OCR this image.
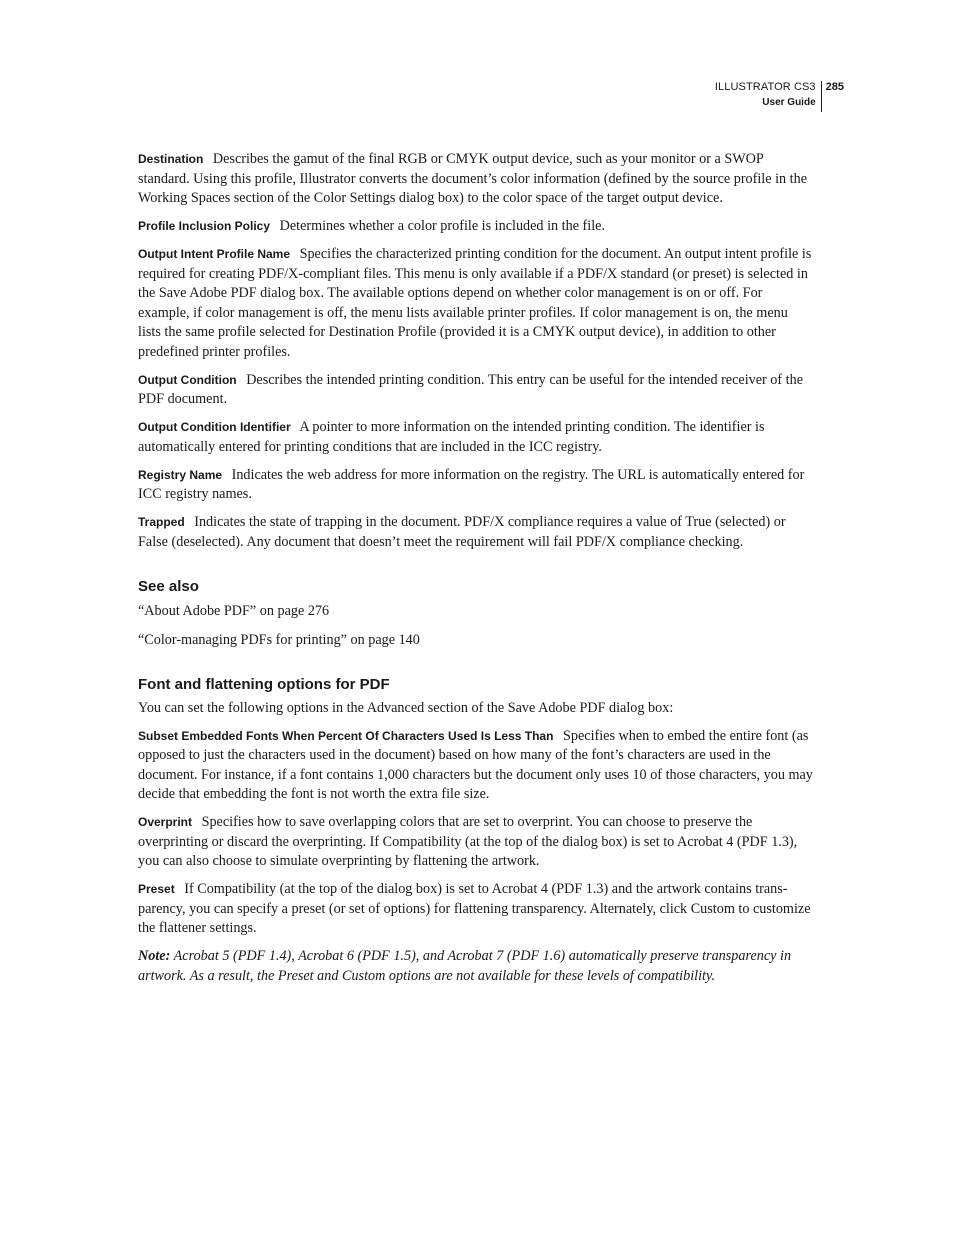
ILLUSTRATOR CS3
User Guide
285

Destination Describes the gamut of the final RGB or CMYK output device, such as your monitor or a SWOP standard. Using this profile, Illustrator converts the document’s color information (defined by the source profile in the Working Spaces section of the Color Settings dialog box) to the color space of the target output device.

Profile Inclusion Policy Determines whether a color profile is included in the file.

Output Intent Profile Name Specifies the characterized printing condition for the document. An output intent profile is required for creating PDF/X-compliant files. This menu is only available if a PDF/X standard (or preset) is selected in the Save Adobe PDF dialog box. The available options depend on whether color management is on or off. For example, if color management is off, the menu lists available printer profiles. If color management is on, the menu lists the same profile selected for Destination Profile (provided it is a CMYK output device), in addition to other predefined printer profiles.

Output Condition Describes the intended printing condition. This entry can be useful for the intended receiver of the PDF document.

Output Condition Identifier A pointer to more information on the intended printing condition. The identifier is automatically entered for printing conditions that are included in the ICC registry.

Registry Name Indicates the web address for more information on the registry. The URL is automatically entered for ICC registry names.

Trapped Indicates the state of trapping in the document. PDF/X compliance requires a value of True (selected) or False (deselected). Any document that doesn’t meet the requirement will fail PDF/X compliance checking.

See also

“About Adobe PDF” on page 276

“Color-managing PDFs for printing” on page 140

Font and flattening options for PDF

You can set the following options in the Advanced section of the Save Adobe PDF dialog box:

Subset Embedded Fonts When Percent Of Characters Used Is Less Than Specifies when to embed the entire font (as opposed to just the characters used in the document) based on how many of the font’s characters are used in the document. For instance, if a font contains 1,000 characters but the document only uses 10 of those characters, you may decide that embedding the font is not worth the extra file size.

Overprint Specifies how to save overlapping colors that are set to overprint. You can choose to preserve the overprinting or discard the overprinting. If Compatibility (at the top of the dialog box) is set to Acrobat 4 (PDF 1.3), you can also choose to simulate overprinting by flattening the artwork.

Preset If Compatibility (at the top of the dialog box) is set to Acrobat 4 (PDF 1.3) and the artwork contains trans-parency, you can specify a preset (or set of options) for flattening transparency. Alternately, click Custom to customize the flattener settings.

Note: Acrobat 5 (PDF 1.4), Acrobat 6 (PDF 1.5), and Acrobat 7 (PDF 1.6) automatically preserve transparency in artwork. As a result, the Preset and Custom options are not available for these levels of compatibility.
